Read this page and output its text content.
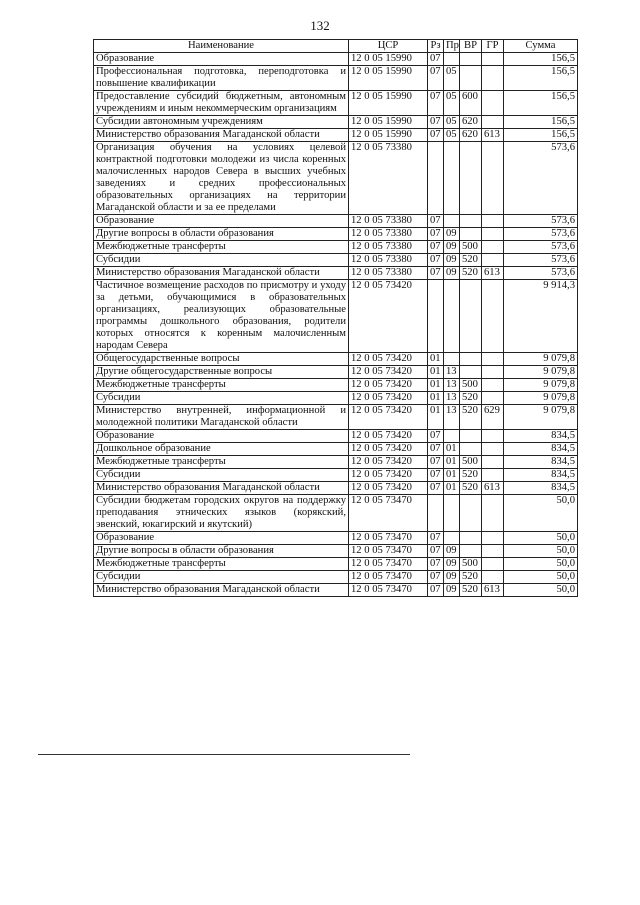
132
Наименование	ЦСР	Рз	Пр	ВР	ГР	Сумма
Образование	12 0 05 15990	07				156,5
Профессиональная подготовка, переподготовка и повышение квалификации	12 0 05 15990	07	05			156,5
Предоставление субсидий бюджетным, автономным учреждениям и иным некоммерческим организациям	12 0 05 15990	07	05	600		156,5
Субсидии автономным учреждениям	12 0 05 15990	07	05	620		156,5
Министерство образования Магаданской области	12 0 05 15990	07	05	620	613	156,5
Организация обучения на условиях целевой контрактной подготовки молодежи из числа коренных малочисленных народов Севера в высших учебных заведениях и средних профессиональных образовательных организациях на территории Магаданской области и за ее пределами	12 0 05 73380					573,6
Образование	12 0 05 73380	07				573,6
Другие вопросы в области образования	12 0 05 73380	07	09			573,6
Межбюджетные трансферты	12 0 05 73380	07	09	500		573,6
Субсидии	12 0 05 73380	07	09	520		573,6
Министерство образования Магаданской области	12 0 05 73380	07	09	520	613	573,6
Частичное возмещение расходов по присмотру и уходу за детьми, обучающимися в образовательных организациях, реализующих образовательные программы дошкольного образования, родители которых относятся к коренным малочисленным народам Севера	12 0 05 73420					9 914,3
Общегосударственные вопросы	12 0 05 73420	01				9 079,8
Другие общегосударственные вопросы	12 0 05 73420	01	13			9 079,8
Межбюджетные трансферты	12 0 05 73420	01	13	500		9 079,8
Субсидии	12 0 05 73420	01	13	520		9 079,8
Министерство внутренней, информационной и молодежной политики Магаданской области	12 0 05 73420	01	13	520	629	9 079,8
Образование	12 0 05 73420	07				834,5
Дошкольное образование	12 0 05 73420	07	01			834,5
Межбюджетные трансферты	12 0 05 73420	07	01	500		834,5
Субсидии	12 0 05 73420	07	01	520		834,5
Министерство образования Магаданской области	12 0 05 73420	07	01	520	613	834,5
Субсидии бюджетам городских округов на поддержку преподавания этнических языков (корякский, эвенский, юкагирский и якутский)	12 0 05 73470					50,0
Образование	12 0 05 73470	07				50,0
Другие вопросы в области образования	12 0 05 73470	07	09			50,0
Межбюджетные трансферты	12 0 05 73470	07	09	500		50,0
Субсидии	12 0 05 73470	07	09	520		50,0
Министерство образования Магаданской области	12 0 05 73470	07	09	520	613	50,0
